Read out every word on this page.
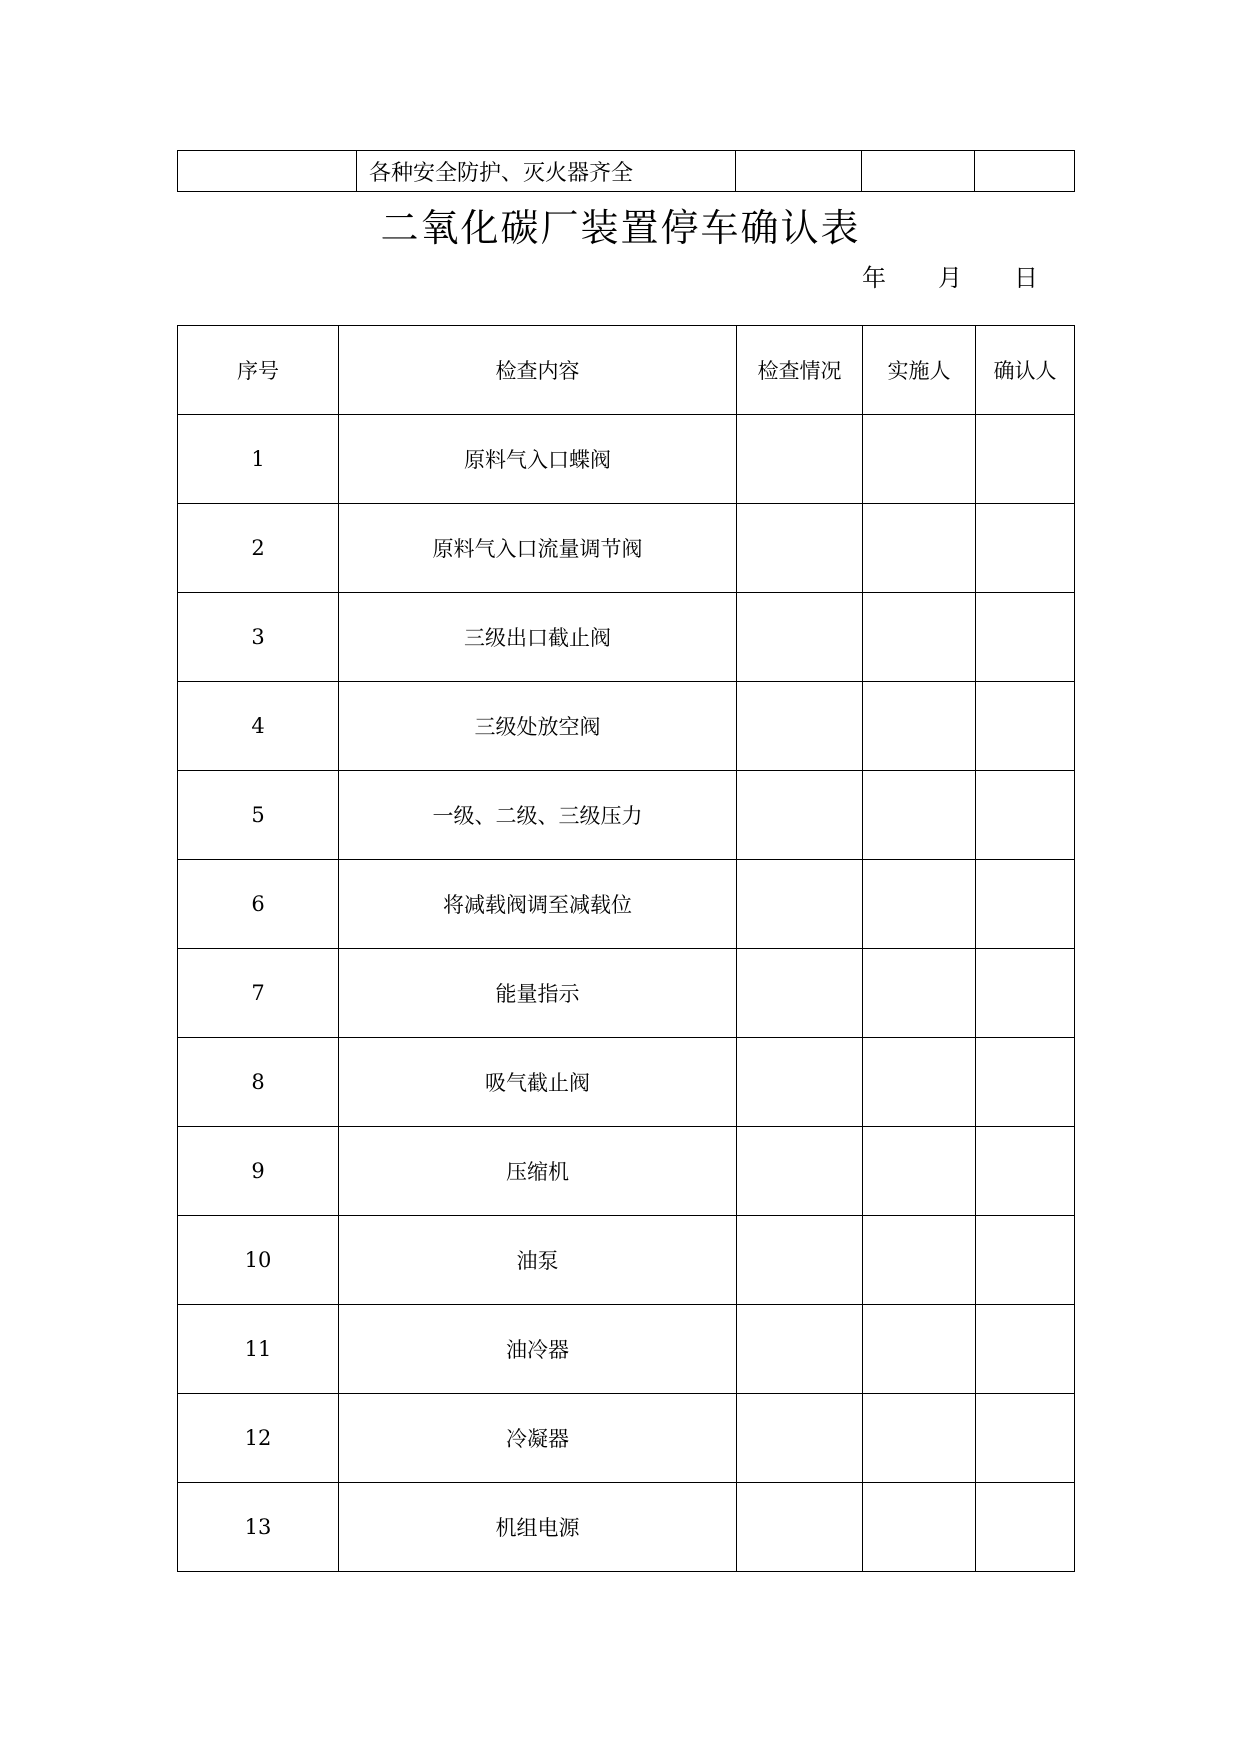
	各种安全防护、灭火器齐全			
二氧化碳厂装置停车确认表
年 月 日
序号	检查内容	检查情况	实施人	确认人
1	原料气入口蝶阀			
2	原料气入口流量调节阀			
3	三级出口截止阀			
4	三级处放空阀			
5	一级、二级、三级压力			
6	将减载阀调至减载位			
7	能量指示			
8	吸气截止阀			
9	压缩机			
10	油泵			
11	油冷器			
12	冷凝器			
13	机组电源			
